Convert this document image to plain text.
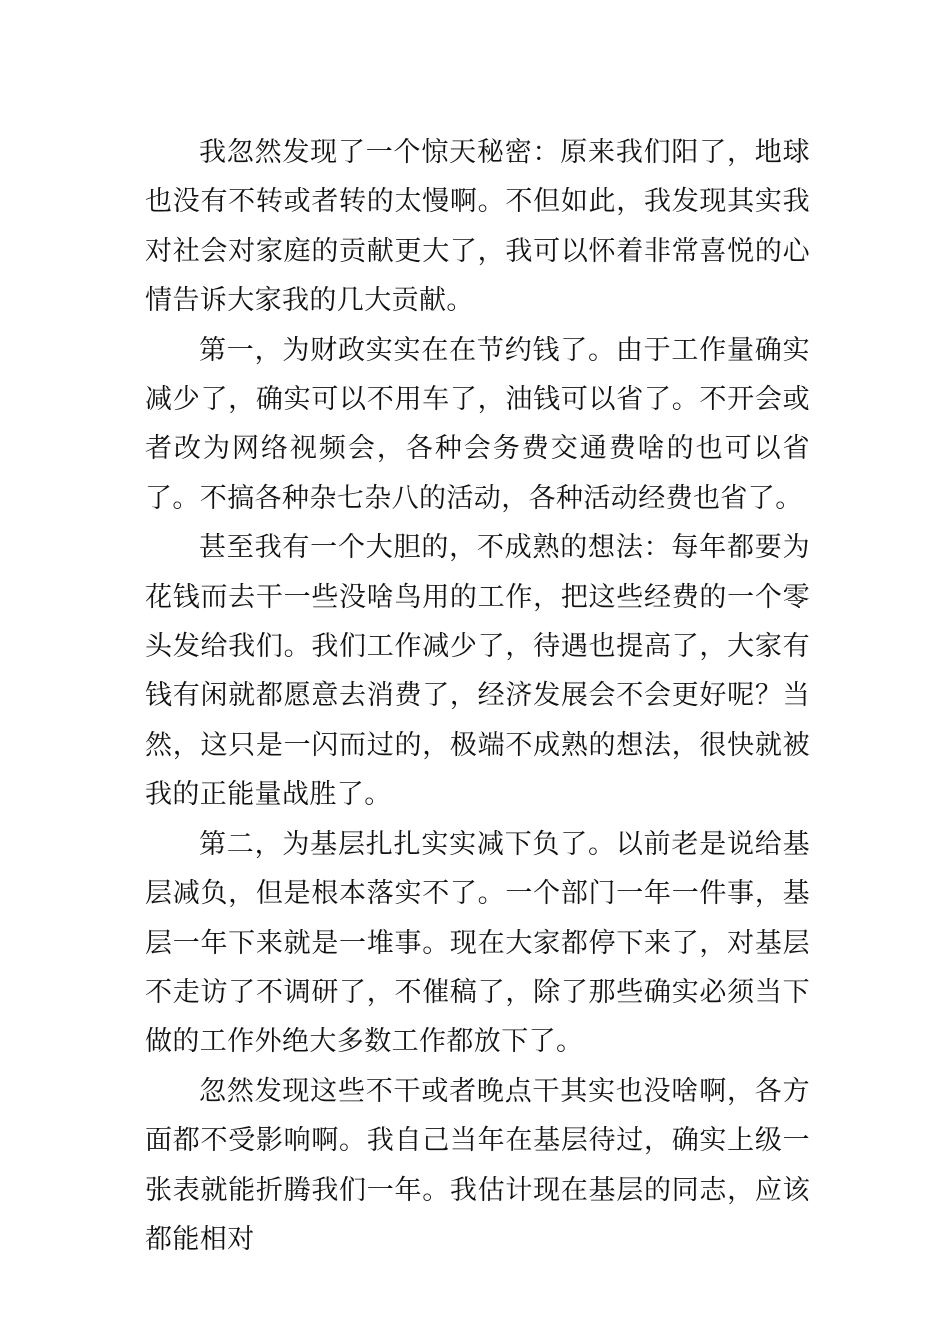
我忽然发现了一个惊天秘密：原来我们阳了，地球也没有不转或者转的太慢啊。不但如此，我发现其实我对社会对家庭的贡献更大了，我可以怀着非常喜悦的心情告诉大家我的几大贡献。

第一，为财政实实在在节约钱了。由于工作量确实减少了，确实可以不用车了，油钱可以省了。不开会或者改为网络视频会，各种会务费交通费啥的也可以省了。不搞各种杂七杂八的活动，各种活动经费也省了。

甚至我有一个大胆的，不成熟的想法：每年都要为花钱而去干一些没啥鸟用的工作，把这些经费的一个零头发给我们。我们工作减少了，待遇也提高了，大家有钱有闲就都愿意去消费了，经济发展会不会更好呢？当然，这只是一闪而过的，极端不成熟的想法，很快就被我的正能量战胜了。

第二，为基层扎扎实实减下负了。以前老是说给基层减负，但是根本落实不了。一个部门一年一件事，基层一年下来就是一堆事。现在大家都停下来了，对基层不走访了不调研了，不催稿了，除了那些确实必须当下做的工作外绝大多数工作都放下了。

忽然发现这些不干或者晚点干其实也没啥啊，各方面都不受影响啊。我自己当年在基层待过，确实上级一张表就能折腾我们一年。我估计现在基层的同志，应该都能相对
